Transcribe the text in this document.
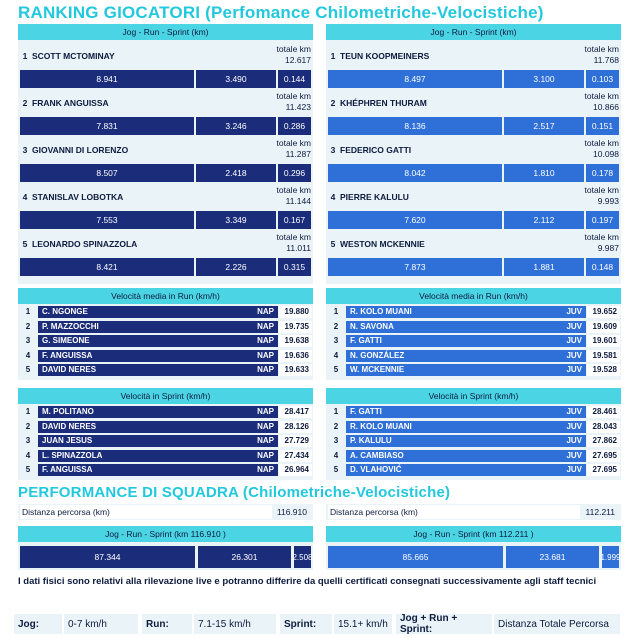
RANKING GIOCATORI (Perfomance Chilometriche-Velocistiche)
Jog - Run - Sprint (km)	Jog - Run - Sprint (km)
1 SCOTT MCTOMINAY
totale km
12.617
8.941	3.490	0.144
2 FRANK ANGUISSA
totale km
11.423
7.831	3.246	0.286
3 GIOVANNI DI LORENZO
totale km
11.287
8.507	2.418	0.296
4 STANISLAV LOBOTKA
totale km
11.144
7.553	3.349	0.167
5 LEONARDO SPINAZZOLA
totale km
11.011
8.421	2.226	0.315
1 TEUN KOOPMEINERS
totale km
11.768
8.497	3.100	0.103
2 KHÉPHREN THURAM
totale km
10.866
8.136	2.517	0.151
3 FEDERICO GATTI
totale km
10.098
8.042	1.810	0.178
4 PIERRE KALULU
totale km
9.993
7.620	2.112	0.197
5 WESTON MCKENNIE
totale km
9.987
7.873	1.881	0.148
Velocità media in Run (km/h)	Velocità media in Run (km/h)
Velocità in Sprint (km/h)	Velocità in Sprint (km/h)
1	C. NGONGE	NAP	19.880
2	P. MAZZOCCHI	NAP	19.735
3	G. SIMEONE	NAP	19.638
4	F. ANGUISSA	NAP	19.636
5	DAVID NERES	NAP	19.633
1	R. KOLO MUANI	JUV	19.652
2	N. SAVONA	JUV	19.609
3	F. GATTI	JUV	19.601
4	N. GONZÁLEZ	JUV	19.581
5	W. MCKENNIE	JUV	19.528
1	M. POLITANO	NAP	28.417
2	DAVID NERES	NAP	28.126
3	JUAN JESUS	NAP	27.729
4	L. SPINAZZOLA	NAP	27.434
5	F. ANGUISSA	NAP	26.964
1	F. GATTI	JUV	28.461
2	R. KOLO MUANI	JUV	28.043
3	P. KALULU	JUV	27.862
4	A. CAMBIASO	JUV	27.695
5	D. VLAHOVIĆ	JUV	27.695
PERFORMANCE DI SQUADRA (Chilometriche-Velocistiche)
Distanza percorsa (km)	116.910	Distanza percorsa (km)	112.211
Jog - Run - Sprint (km 116.910 )
87.344	26.301	2.508
Jog - Run - Sprint (km 112.211 )
85.665	23.681	1.999
I dati fisici sono relativi alla rilevazione live e potranno differire da quelli certificati consegnati successivamente agli staff tecnici
Jog:	0-7 km/h	Run:	7.1-15 km/h	Sprint:	15.1+ km/h	Jog + Run + Sprint:	Distanza Totale Percorsa
